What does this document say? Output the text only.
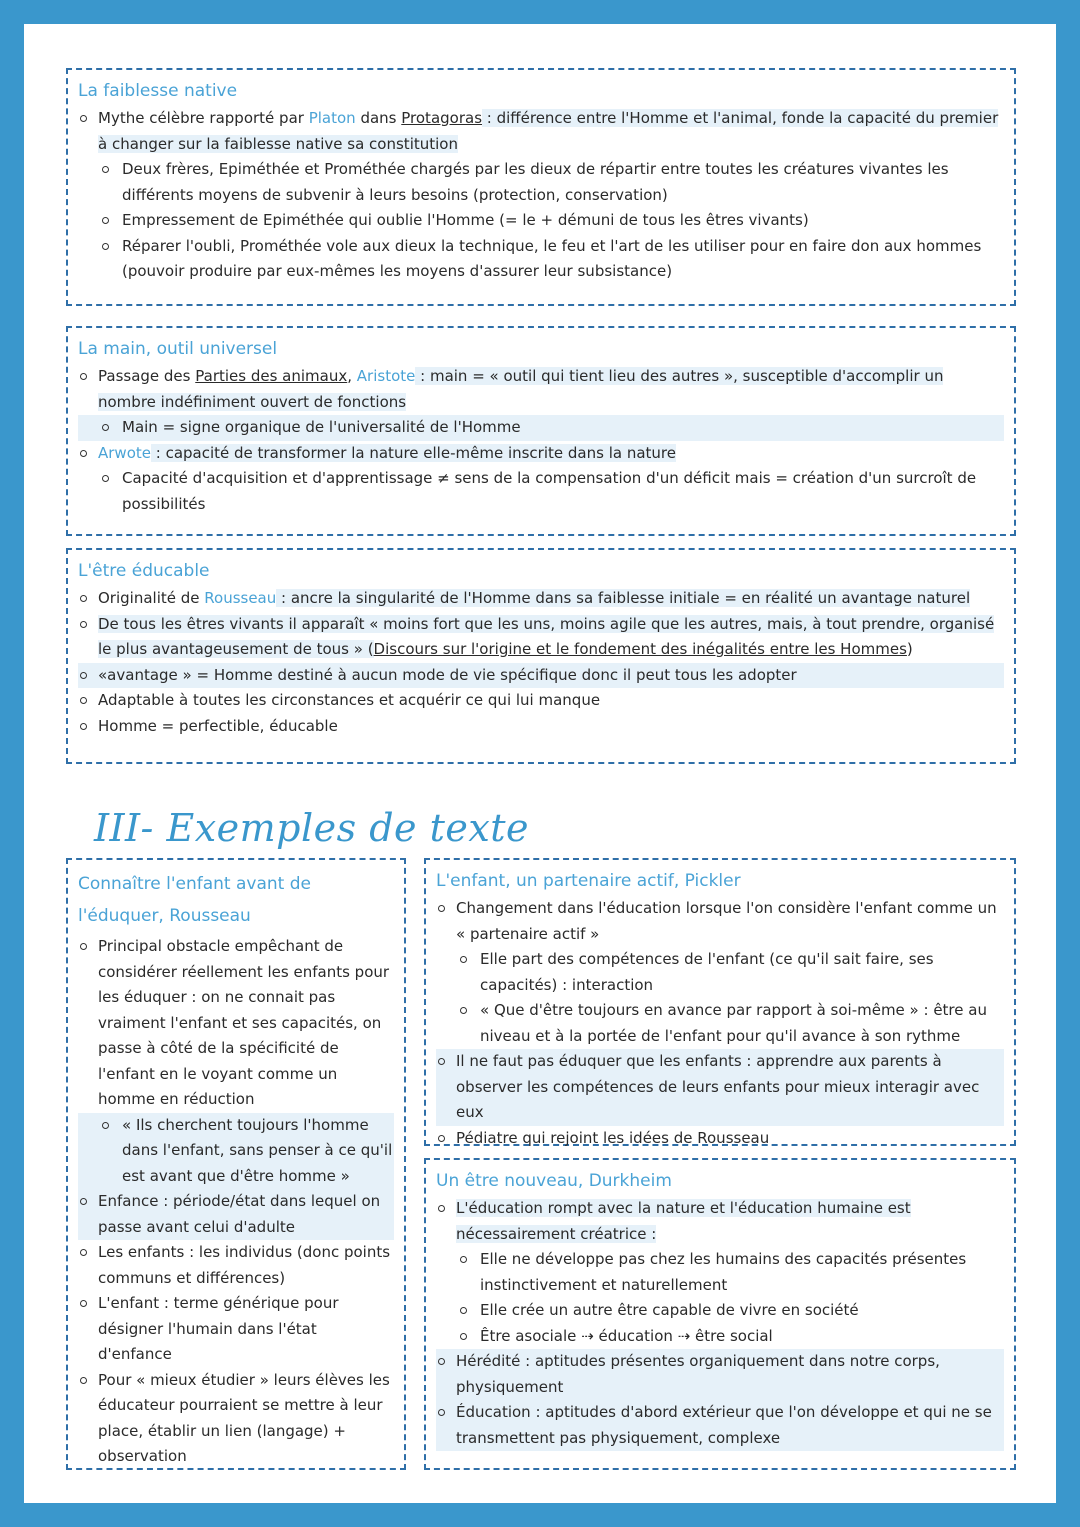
La faiblesse native
Mythe célèbre rapporté par Platon dans Protagoras : différence entre l'Homme et l'animal, fonde la capacité du premier à changer sur la faiblesse native sa constitution
Deux frères, Epiméthée et Prométhée chargés par les dieux de répartir entre toutes les créatures vivantes les différents moyens de subvenir à leurs besoins (protection, conservation)
Empressement de Epiméthée qui oublie l'Homme (= le + démuni de tous les êtres vivants)
Réparer l'oubli, Prométhée vole aux dieux la technique, le feu et l'art de les utiliser pour en faire don aux hommes (pouvoir produire par eux-mêmes les moyens d'assurer leur subsistance)
La main, outil universel
Passage des Parties des animaux, Aristote : main = « outil qui tient lieu des autres », susceptible d'accomplir un nombre indéfiniment ouvert de fonctions
Main = signe organique de l'universalité de l'Homme
Arwote : capacité de transformer la nature elle-même inscrite dans la nature
Capacité d'acquisition et d'apprentissage ≠ sens de la compensation d'un déficit mais = création d'un surcroît de possibilités
L'être éducable
Originalité de Rousseau : ancre la singularité de l'Homme dans sa faiblesse initiale = en réalité un avantage naturel
De tous les êtres vivants il apparaît « moins fort que les uns, moins agile que les autres, mais, à tout prendre, organisé le plus avantageusement de tous » (Discours sur l'origine et le fondement des inégalités entre les Hommes)
«avantage » = Homme destiné à aucun mode de vie spécifique donc il peut tous les adopter
Adaptable à toutes les circonstances et acquérir ce qui lui manque
Homme = perfectible, éducable
III- Exemples de texte
Connaître l'enfant avant de l'éduquer, Rousseau
Principal obstacle empêchant de considérer réellement les enfants pour les éduquer : on ne connait pas vraiment l'enfant et ses capacités, on passe à côté de la spécificité de l'enfant en le voyant comme un homme en réduction
« Ils cherchent toujours l'homme dans l'enfant, sans penser à ce qu'il est avant que d'être homme »
Enfance : période/état dans lequel on passe avant celui d'adulte
Les enfants : les individus (donc points communs et différences)
L'enfant : terme générique pour désigner l'humain dans l'état d'enfance
Pour « mieux étudier » leurs élèves les éducateur pourraient se mettre à leur place, établir un lien (langage) + observation
L'enfant, un partenaire actif, Pickler
Changement dans l'éducation lorsque l'on considère l'enfant comme un « partenaire actif »
Elle part des compétences de l'enfant (ce qu'il sait faire, ses capacités) : interaction
« Que d'être toujours en avance par rapport à soi-même » : être au niveau et à la portée de l'enfant pour qu'il avance à son rythme
Il ne faut pas éduquer que les enfants : apprendre aux parents à observer les compétences de leurs enfants pour mieux interagir avec eux
Pédiatre qui rejoint les idées de Rousseau
Un être nouveau, Durkheim
L'éducation rompt avec la nature et l'éducation humaine est nécessairement créatrice :
Elle ne développe pas chez les humains des capacités présentes instinctivement et naturellement
Elle crée un autre être capable de vivre en société
Être asociale ⇢ éducation ⇢ être social
Hérédité : aptitudes présentes organiquement dans notre corps, physiquement
Éducation : aptitudes d'abord extérieur que l'on développe et qui ne se transmettent pas physiquement, complexe
